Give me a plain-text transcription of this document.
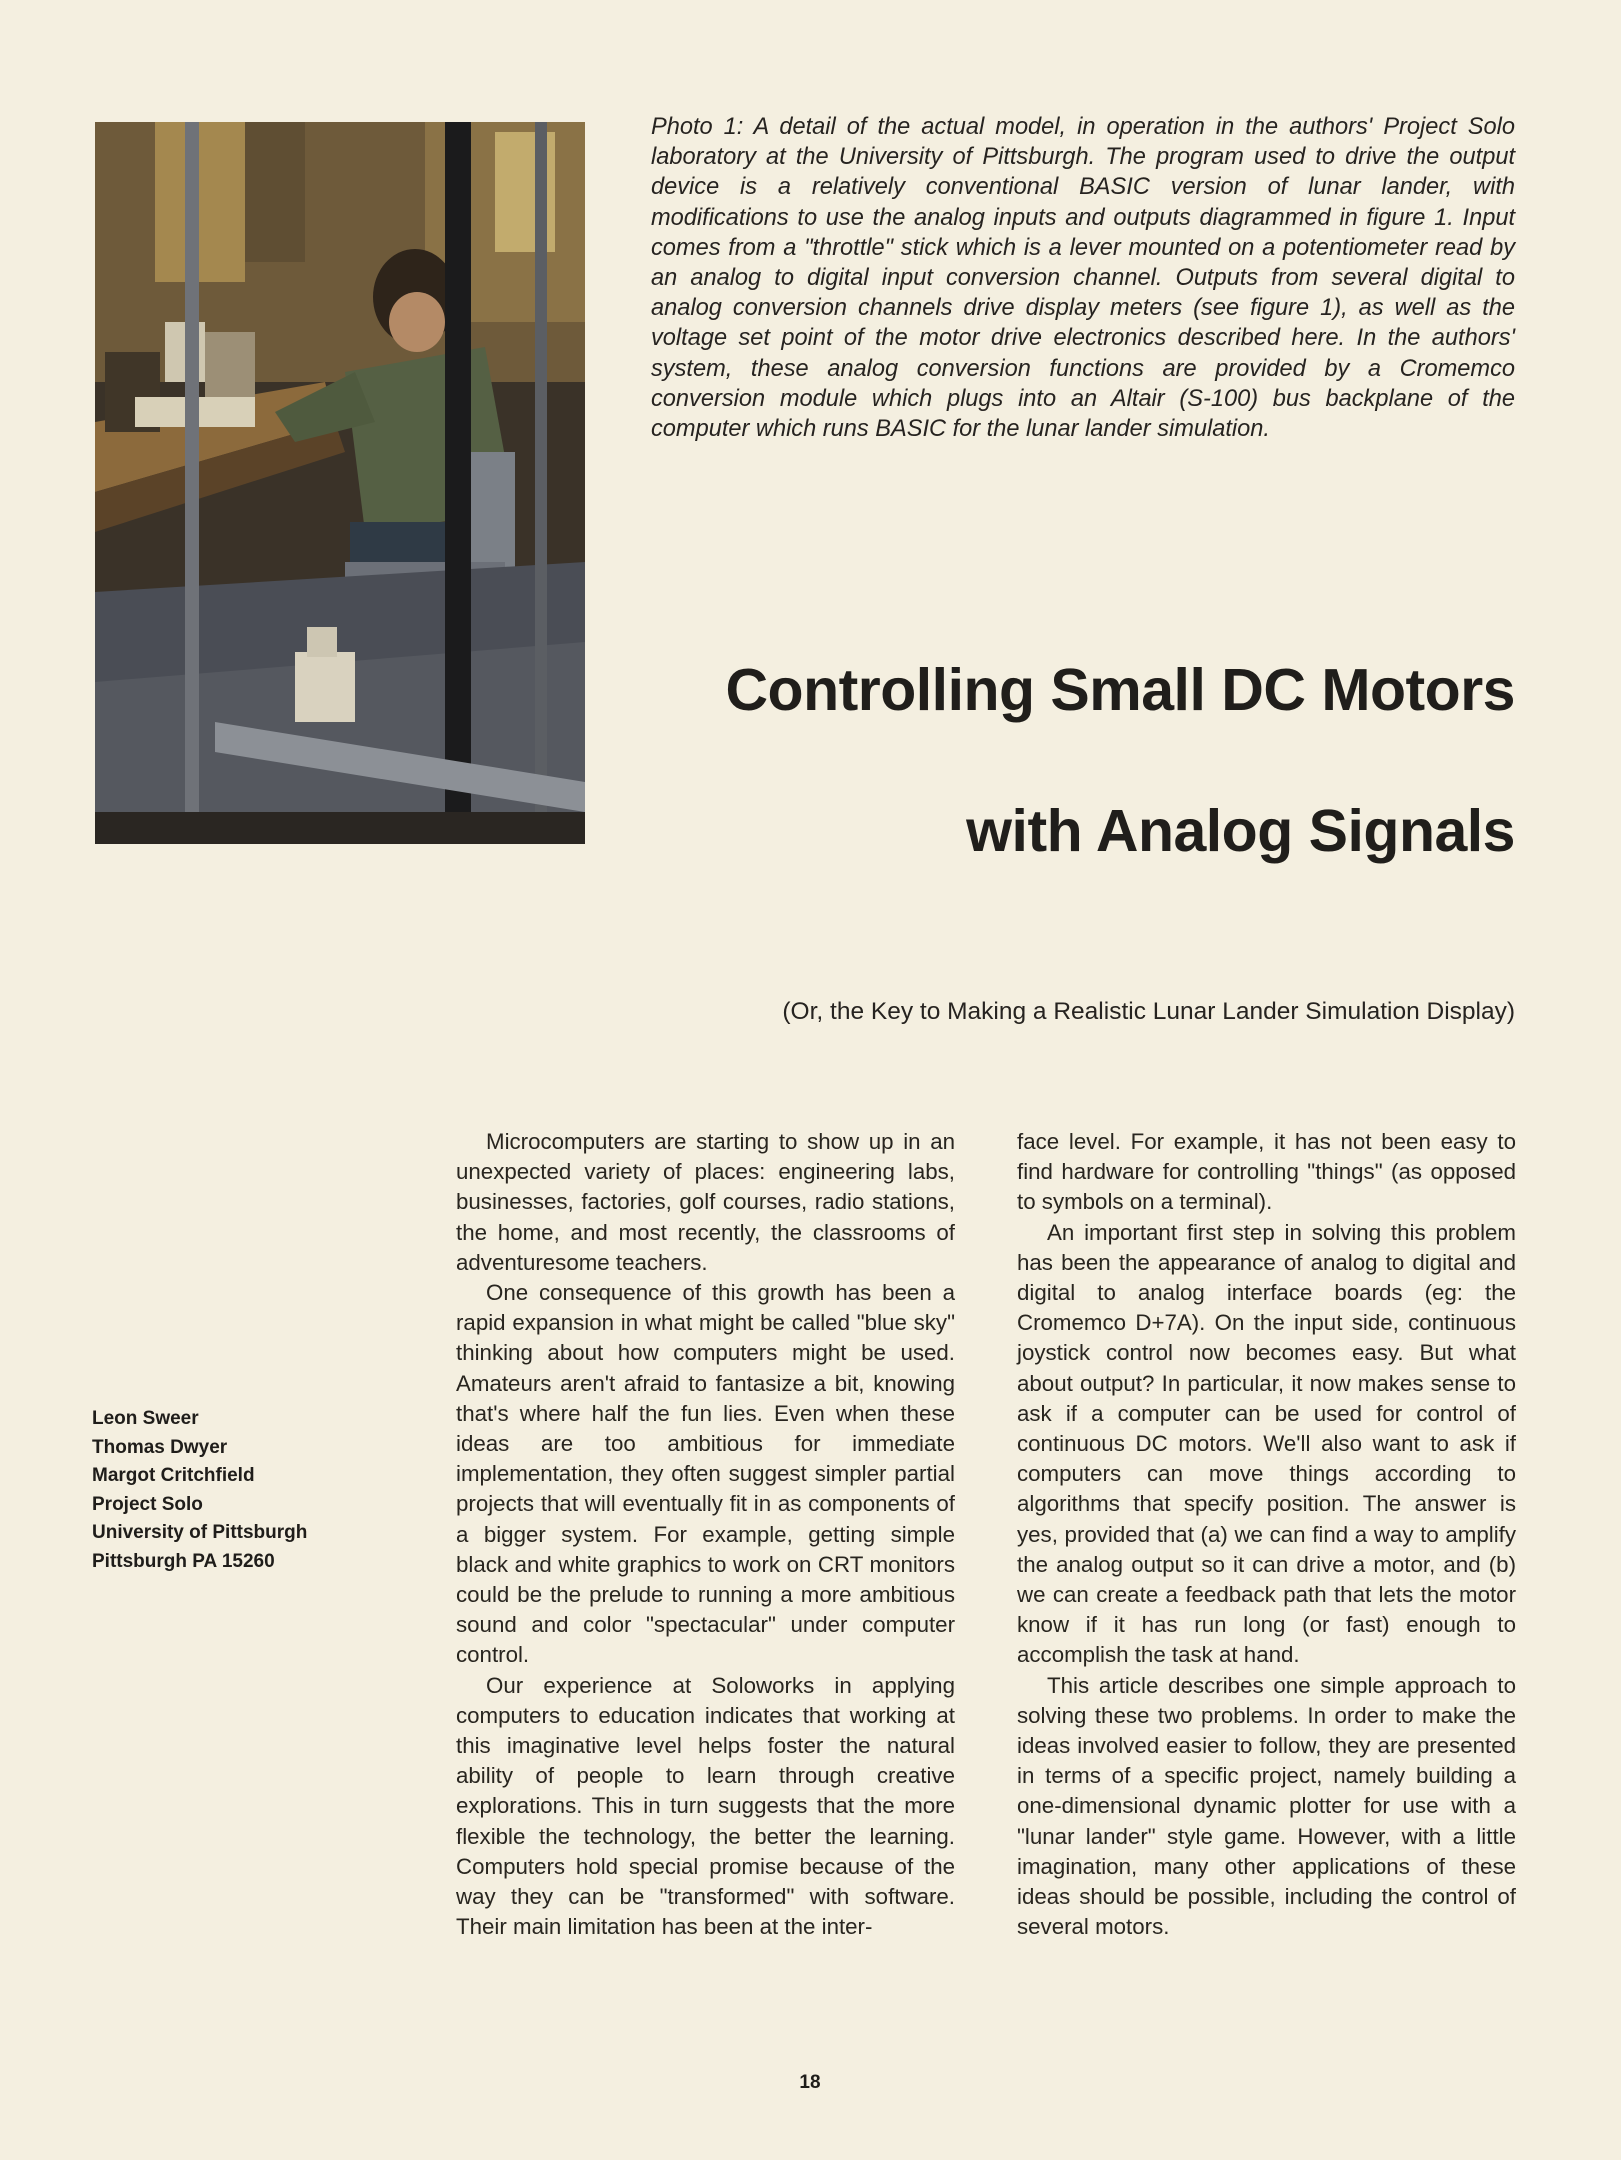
Photo 1: A detail of the actual model, in operation in the authors' Project Solo laboratory at the University of Pittsburgh. The program used to drive the output device is a relatively conventional BASIC version of lunar lander, with modifications to use the analog inputs and outputs diagrammed in figure 1. Input comes from a "throttle" stick which is a lever mounted on a potentiometer read by an analog to digital input conversion channel. Outputs from several digital to analog conversion channels drive display meters (see figure 1), as well as the voltage set point of the motor drive electronics described here. In the authors' system, these analog conversion functions are provided by a Cromemco conversion module which plugs into an Altair (S-100) bus backplane of the computer which runs BASIC for the lunar lander simulation.
Controlling Small DC Motors
with Analog Signals
(Or, the Key to Making a Realistic Lunar Lander Simulation Display)
Leon Sweer
Thomas Dwyer
Margot Critchfield
Project Solo
University of Pittsburgh
Pittsburgh PA 15260

Microcomputers are starting to show up in an unexpected variety of places: engineering labs, businesses, factories, golf courses, radio stations, the home, and most recently, the classrooms of adventuresome teachers.

One consequence of this growth has been a rapid expansion in what might be called "blue sky" thinking about how computers might be used. Amateurs aren't afraid to fantasize a bit, knowing that's where half the fun lies. Even when these ideas are too ambitious for immediate implementation, they often suggest simpler partial projects that will eventually fit in as components of a bigger system. For example, getting simple black and white graphics to work on CRT monitors could be the prelude to running a more ambitious sound and color "spectacular" under computer control.

Our experience at Soloworks in applying computers to education indicates that working at this imaginative level helps foster the natural ability of people to learn through creative explorations. This in turn suggests that the more flexible the technology, the better the learning. Computers hold special promise because of the way they can be "transformed" with software. Their main limitation has been at the inter-

face level. For example, it has not been easy to find hardware for controlling "things" (as opposed to symbols on a terminal).

An important first step in solving this problem has been the appearance of analog to digital and digital to analog interface boards (eg: the Cromemco D+7A). On the input side, continuous joystick control now becomes easy. But what about output? In particular, it now makes sense to ask if a computer can be used for control of continuous DC motors. We'll also want to ask if computers can move things according to algorithms that specify position. The answer is yes, provided that (a) we can find a way to amplify the analog output so it can drive a motor, and (b) we can create a feedback path that lets the motor know if it has run long (or fast) enough to accomplish the task at hand.

This article describes one simple approach to solving these two problems. In order to make the ideas involved easier to follow, they are presented in terms of a specific project, namely building a one-dimensional dynamic plotter for use with a "lunar lander" style game. However, with a little imagination, many other applications of these ideas should be possible, including the control of several motors.

18
